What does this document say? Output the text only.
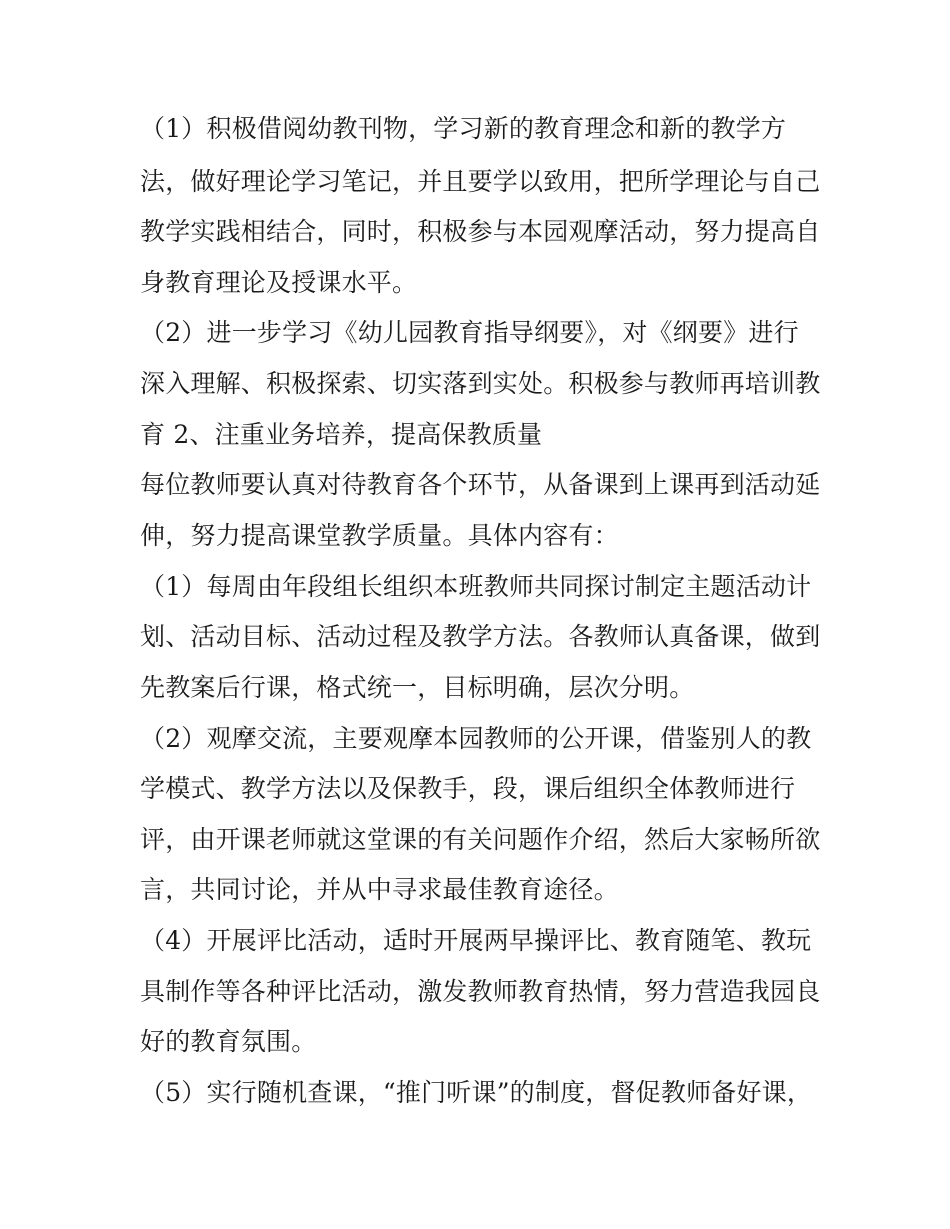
（1）积极借阅幼教刊物，学习新的教育理念和新的教学方
法，做好理论学习笔记，并且要学以致用，把所学理论与自己
教学实践相结合，同时，积极参与本园观摩活动，努力提高自
身教育理论及授课水平。
（2）进一步学习《幼儿园教育指导纲要》，对《纲要》进行
深入理解、积极探索、切实落到实处。积极参与教师再培训教
育 2、注重业务培养，提高保教质量
每位教师要认真对待教育各个环节，从备课到上课再到活动延
伸，努力提高课堂教学质量。具体内容有：
（1）每周由年段组长组织本班教师共同探讨制定主题活动计
划、活动目标、活动过程及教学方法。各教师认真备课，做到
先教案后行课，格式统一，目标明确，层次分明。
（2）观摩交流，主要观摩本园教师的公开课，借鉴别人的教
学模式、教学方法以及保教手，段，课后组织全体教师进行
评，由开课老师就这堂课的有关问题作介绍，然后大家畅所欲
言，共同讨论，并从中寻求最佳教育途径。
（4）开展评比活动，适时开展两早操评比、教育随笔、教玩
具制作等各种评比活动，激发教师教育热情，努力营造我园良
好的教育氛围。
（5）实行随机查课，“推门听课”的制度，督促教师备好课，
